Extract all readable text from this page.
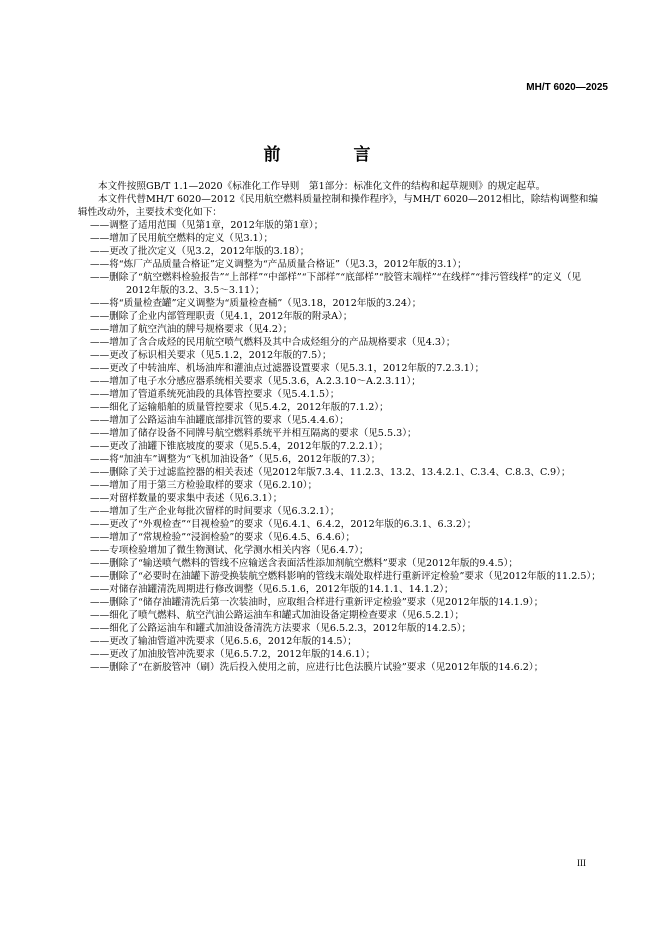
MH/T 6020—2025
前　言

本文件按照GB/T 1.1—2020《标准化工作导则　第1部分：标准化文件的结构和起草规则》的规定起草。

本文件代替MH/T 6020—2012《民用航空燃料质量控制和操作程序》，与MH/T 6020—2012相比，除结构调整和编辑性改动外，主要技术变化如下：

——调整了适用范围（见第1章，2012年版的第1章）；

——增加了民用航空燃料的定义（见3.1）；

——更改了批次定义（见3.2，2012年版的3.18）；

——将“炼厂产品质量合格证”定义调整为“产品质量合格证”（见3.3，2012年版的3.1）；

——删除了“航空燃料检验报告”“上部样”“中部样”“下部样”“底部样”“胶管末端样”“在线样”“排污管线样”的定义（见2012年版的3.2、3.5～3.11）；

——将“质量检查罐”定义调整为“质量检查桶”（见3.18，2012年版的3.24）；

——删除了企业内部管理职责（见4.1，2012年版的附录A）；

——增加了航空汽油的牌号规格要求（见4.2）；

——增加了含合成烃的民用航空喷气燃料及其中合成烃组分的产品规格要求（见4.3）；

——更改了标识相关要求（见5.1.2，2012年版的7.5）；

——更改了中转油库、机场油库和灌油点过滤器设置要求（见5.3.1，2012年版的7.2.3.1）；

——增加了电子水分感应器系统相关要求（见5.3.6，A.2.3.10～A.2.3.11）；

——增加了管道系统死油段的具体管控要求（见5.4.1.5）；

——细化了运输船舶的质量管控要求（见5.4.2，2012年版的7.1.2）；

——增加了公路运油车油罐底部排沉管的要求（见5.4.4.6）；

——增加了储存设备不同牌号航空燃料系统平并相互隔离的要求（见5.5.3）；

——更改了油罐下锥底坡度的要求（见5.5.4，2012年版的7.2.2.1）；

——将“加油车”调整为“飞机加油设备”（见5.6，2012年版的7.3）；

——删除了关于过滤监控器的相关表述（见2012年版7.3.4、11.2.3、13.2、13.4.2.1、C.3.4、C.8.3、C.9）；

——增加了用于第三方检验取样的要求（见6.2.10）；

——对留样数量的要求集中表述（见6.3.1）；

——增加了生产企业每批次留样的时间要求（见6.3.2.1）；

——更改了“外观检查”“目视检验”的要求（见6.4.1、6.4.2，2012年版的6.3.1、6.3.2）；

——增加了“常规检验”“浸润检验”的要求（见6.4.5、6.4.6）；

——专项检验增加了微生物测试、化学测水相关内容（见6.4.7）；

——删除了“输送喷气燃料的管线不应输送含表面活性添加剂航空燃料”要求（见2012年版的9.4.5）；

——删除了“必要时在油罐下游受换装航空燃料影响的管线末端处取样进行重新评定检验”要求（见2012年版的11.2.5）；

——对储存油罐清洗周期进行修改调整（见6.5.1.6，2012年版的14.1.1、14.1.2）；

——删除了“储存油罐清洗后第一次装油时，应取组合样进行重新评定检验”要求（见2012年版的14.1.9）；

——细化了喷气燃料、航空汽油公路运油车和罐式加油设备定期检查要求（见6.5.2.1）；

——细化了公路运油车和罐式加油设备清洗方法要求（见6.5.2.3，2012年版的14.2.5）；

——更改了输油管道冲洗要求（见6.5.6，2012年版的14.5）；

——更改了加油胶管冲洗要求（见6.5.7.2，2012年版的14.6.1）；

——删除了“在新胶管冲（刷）洗后投入使用之前，应进行比色法膜片试验”要求（见2012年版的14.6.2）；

III
